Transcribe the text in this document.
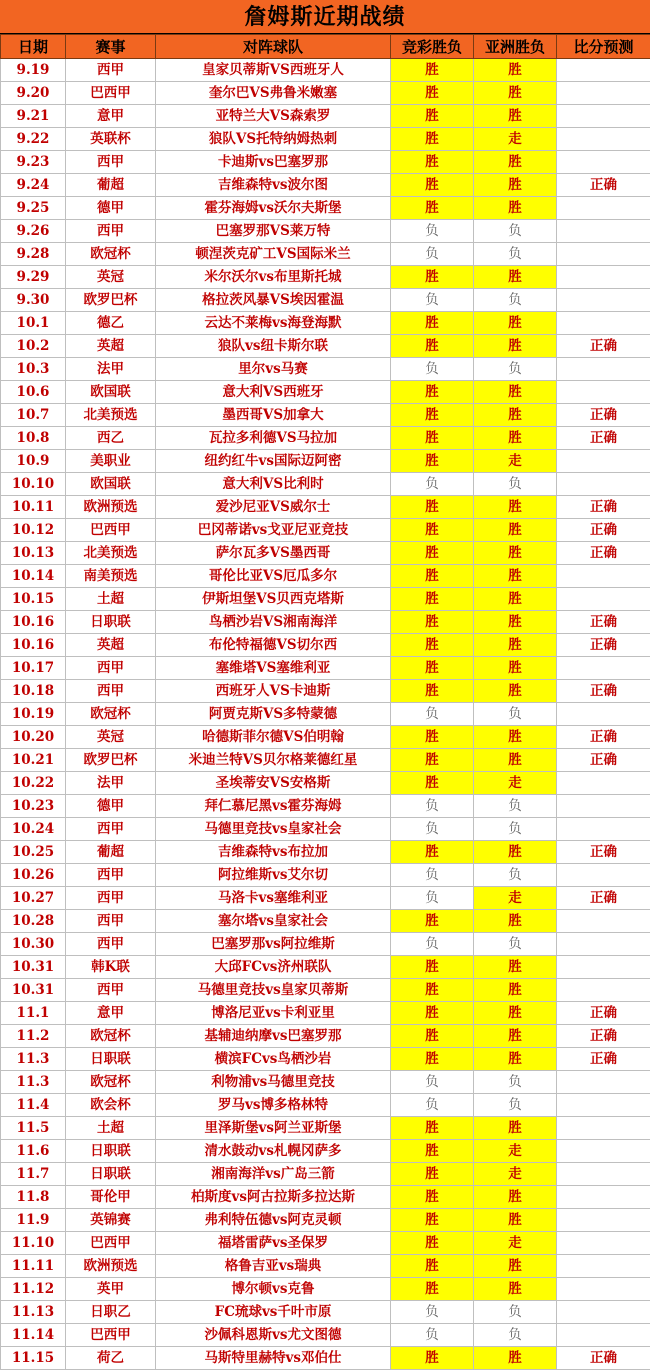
詹姆斯近期战绩
日期	赛事	对阵球队	竞彩胜负	亚洲胜负	比分预测
9.19	西甲	皇家贝蒂斯VS西班牙人	胜	胜	
9.20	巴西甲	奎尔巴VS弗鲁米嫩塞	胜	胜	
9.21	意甲	亚特兰大VS森索罗	胜	胜	
9.22	英联杯	狼队VS托特纳姆热刺	胜	走	
9.23	西甲	卡迪斯vs巴塞罗那	胜	胜	
9.24	葡超	吉维森特vs波尔图	胜	胜	正确
9.25	德甲	霍芬海姆vs沃尔夫斯堡	胜	胜	
9.26	西甲	巴塞罗那VS莱万特	负	负	
9.28	欧冠杯	顿涅茨克矿工VS国际米兰	负	负	
9.29	英冠	米尔沃尔vs布里斯托城	胜	胜	
9.30	欧罗巴杯	格拉茨风暴VS埃因霍温	负	负	
10.1	德乙	云达不莱梅vs海登海默	胜	胜	
10.2	英超	狼队vs纽卡斯尔联	胜	胜	正确
10.3	法甲	里尔vs马赛	负	负	
10.6	欧国联	意大利VS西班牙	胜	胜	
10.7	北美预选	墨西哥VS加拿大	胜	胜	正确
10.8	西乙	瓦拉多利德VS马拉加	胜	胜	正确
10.9	美职业	纽约红牛vs国际迈阿密	胜	走	
10.10	欧国联	意大利VS比利时	负	负	
10.11	欧洲预选	爱沙尼亚VS威尔士	胜	胜	正确
10.12	巴西甲	巴冈蒂诺vs戈亚尼亚竞技	胜	胜	正确
10.13	北美预选	萨尔瓦多VS墨西哥	胜	胜	正确
10.14	南美预选	哥伦比亚VS厄瓜多尔	胜	胜	
10.15	土超	伊斯坦堡VS贝西克塔斯	胜	胜	
10.16	日职联	鸟栖沙岩VS湘南海洋	胜	胜	正确
10.16	英超	布伦特福德VS切尔西	胜	胜	正确
10.17	西甲	塞维塔VS塞维利亚	胜	胜	
10.18	西甲	西班牙人VS卡迪斯	胜	胜	正确
10.19	欧冠杯	阿贾克斯VS多特蒙德	负	负	
10.20	英冠	哈德斯菲尔德VS伯明翰	胜	胜	正确
10.21	欧罗巴杯	米迪兰特VS贝尔格莱德红星	胜	胜	正确
10.22	法甲	圣埃蒂安VS安格斯	胜	走	
10.23	德甲	拜仁慕尼黑vs霍芬海姆	负	负	
10.24	西甲	马德里竞技vs皇家社会	负	负	
10.25	葡超	吉维森特vs布拉加	胜	胜	正确
10.26	西甲	阿拉维斯vs艾尔切	负	负	
10.27	西甲	马洛卡vs塞维利亚	负	走	正确
10.28	西甲	塞尔塔vs皇家社会	胜	胜	
10.30	西甲	巴塞罗那vs阿拉维斯	负	负	
10.31	韩K联	大邱FCvs济州联队	胜	胜	
10.31	西甲	马德里竞技vs皇家贝蒂斯	胜	胜	
11.1	意甲	博洛尼亚vs卡利亚里	胜	胜	正确
11.2	欧冠杯	基辅迪纳摩vs巴塞罗那	胜	胜	正确
11.3	日职联	横滨FCvs鸟栖沙岩	胜	胜	正确
11.3	欧冠杯	利物浦vs马德里竞技	负	负	
11.4	欧会杯	罗马vs博多格林特	负	负	
11.5	土超	里泽斯堡vs阿兰亚斯堡	胜	胜	
11.6	日职联	清水鼓动vs札幌冈萨多	胜	走	
11.7	日职联	湘南海洋vs广岛三箭	胜	走	
11.8	哥伦甲	柏斯度vs阿古拉斯多拉达斯	胜	胜	
11.9	英锦赛	弗利特伍德vs阿克灵顿	胜	胜	
11.10	巴西甲	福塔雷萨vs圣保罗	胜	走	
11.11	欧洲预选	格鲁吉亚vs瑞典	胜	胜	
11.12	英甲	博尔顿vs克鲁	胜	胜	
11.13	日职乙	FC琉球vs千叶市原	负	负	
11.14	巴西甲	沙佩科恩斯vs尤文图德	负	负	
11.15	荷乙	马斯特里赫特vs邓伯仕	胜	胜	正确
